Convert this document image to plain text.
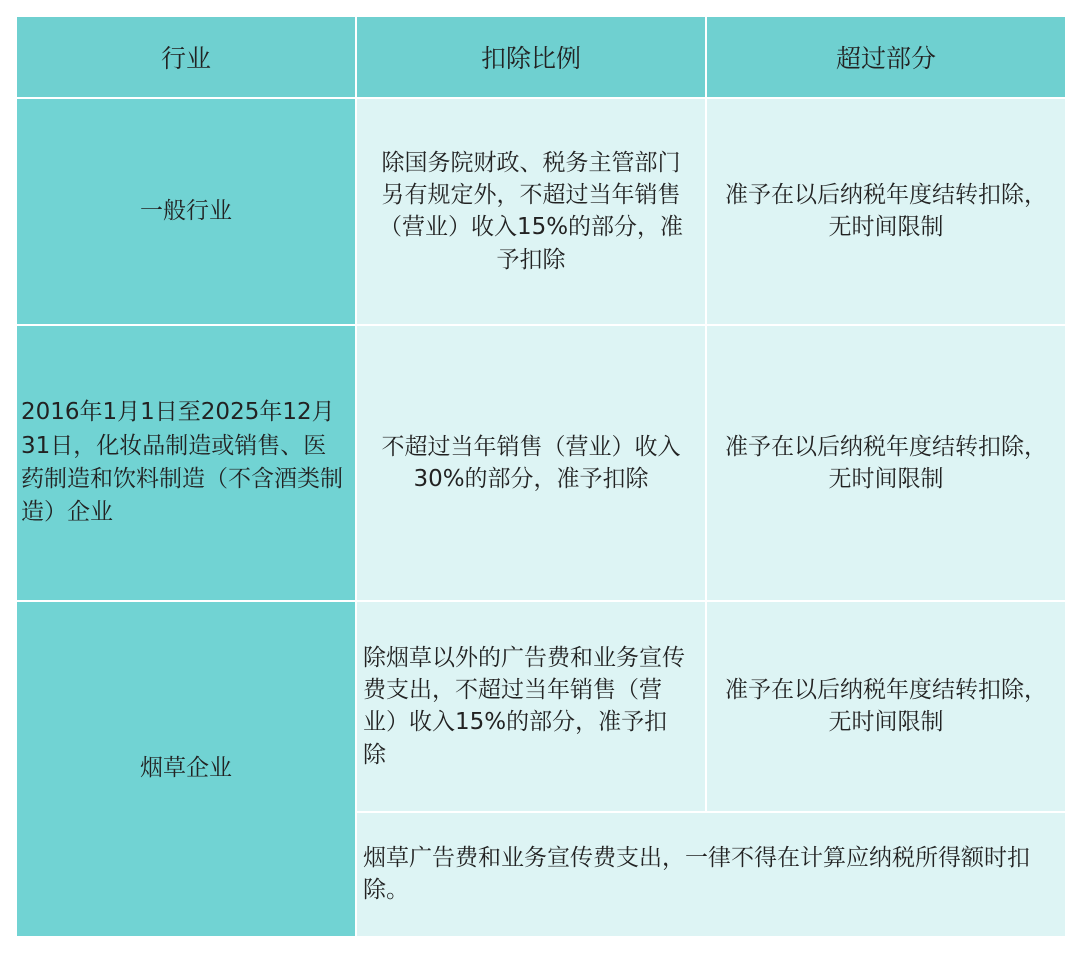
行业	扣除比例	超过部分
一般行业	除国务院财政、税务主管部门另有规定外，不超过当年销售（营业）收入15%的部分，准予扣除	准予在以后纳税年度结转扣除，无时间限制
2016年1月1日至2025年12月31日，化妆品制造或销售、医药制造和饮料制造（不含酒类制造）企业	不超过当年销售（营业）收入30%的部分，准予扣除	准予在以后纳税年度结转扣除，无时间限制
烟草企业	除烟草以外的广告费和业务宣传费支出，不超过当年销售（营业）收入15%的部分，准予扣除	准予在以后纳税年度结转扣除，无时间限制
	烟草广告费和业务宣传费支出，一律不得在计算应纳税所得额时扣除。	
